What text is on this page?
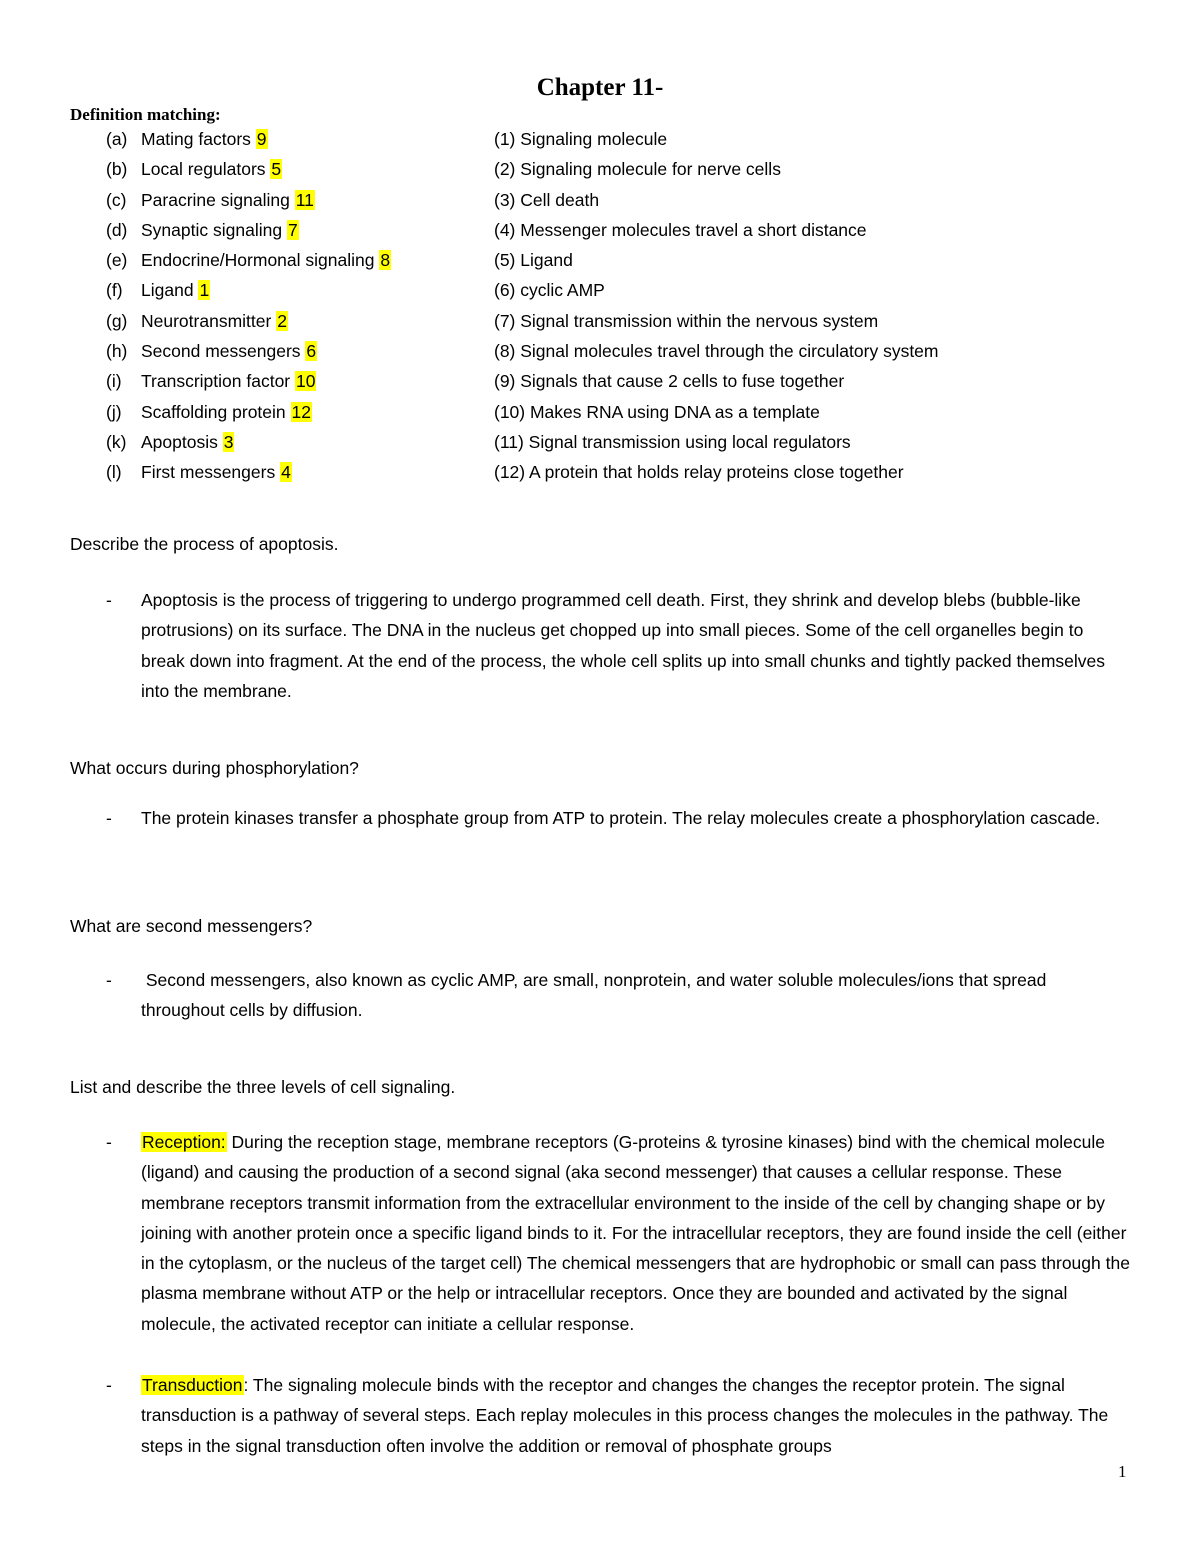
Chapter 11-
Definition matching:
(a) Mating factors 9	(1) Signaling molecule
(b) Local regulators 5	(2) Signaling molecule for nerve cells
(c) Paracrine signaling 11	(3) Cell death
(d) Synaptic signaling 7	(4) Messenger molecules travel a short distance
(e) Endocrine/Hormonal signaling 8	(5) Ligand
(f) Ligand 1	(6) cyclic AMP
(g) Neurotransmitter 2	(7) Signal transmission within the nervous system
(h) Second messengers 6	(8) Signal molecules travel through the circulatory system
(i) Transcription factor 10	(9) Signals that cause 2 cells to fuse together
(j) Scaffolding protein 12	(10) Makes RNA using DNA as a template
(k) Apoptosis 3	(11) Signal transmission using local regulators
(l) First messengers 4	(12) A protein that holds relay proteins close together
Describe the process of apoptosis.
- Apoptosis is the process of triggering to undergo programmed cell death. First, they shrink and develop blebs (bubble-like protrusions) on its surface. The DNA in the nucleus get chopped up into small pieces. Some of the cell organelles begin to break down into fragment. At the end of the process, the whole cell splits up into small chunks and tightly packed themselves into the membrane.
What occurs during phosphorylation?
- The protein kinases transfer a phosphate group from ATP to protein. The relay molecules create a phosphorylation cascade.
What are second messengers?
- Second messengers, also known as cyclic AMP, are small, nonprotein, and water soluble molecules/ions that spread throughout cells by diffusion.
List and describe the three levels of cell signaling.
- Reception: During the reception stage, membrane receptors (G-proteins & tyrosine kinases) bind with the chemical molecule (ligand) and causing the production of a second signal (aka second messenger) that causes a cellular response. These membrane receptors transmit information from the extracellular environment to the inside of the cell by changing shape or by joining with another protein once a specific ligand binds to it. For the intracellular receptors, they are found inside the cell (either in the cytoplasm, or the nucleus of the target cell) The chemical messengers that are hydrophobic or small can pass through the plasma membrane without ATP or the help or intracellular receptors. Once they are bounded and activated by the signal molecule, the activated receptor can initiate a cellular response.
- Transduction: The signaling molecule binds with the receptor and changes the changes the receptor protein. The signal transduction is a pathway of several steps. Each replay molecules in this process changes the molecules in the pathway. The steps in the signal transduction often involve the addition or removal of phosphate groups
1
